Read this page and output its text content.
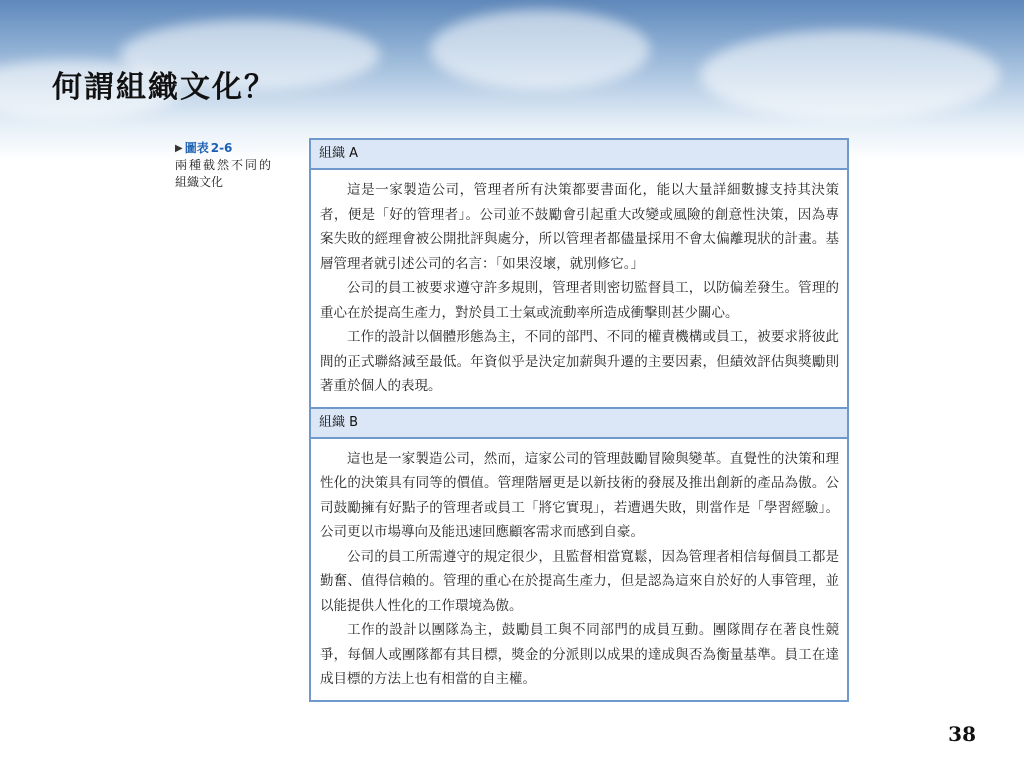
何謂組織文化？
▶ 圖表 2-6
兩種截然不同的
組織文化
組織 A

這是一家製造公司，管理者所有決策都要書面化，能以大量詳細數據支持其決策者，便是「好的管理者」。公司並不鼓勵會引起重大改變或風險的創意性決策，因為專案失敗的經理會被公開批評與處分，所以管理者都儘量採用不會太偏離現狀的計畫。基層管理者就引述公司的名言：「如果沒壞，就別修它。」

公司的員工被要求遵守許多規則，管理者則密切監督員工，以防偏差發生。管理的重心在於提高生產力，對於員工士氣或流動率所造成衝擊則甚少關心。

工作的設計以個體形態為主，不同的部門、不同的權責機構或員工，被要求將彼此間的正式聯絡減至最低。年資似乎是決定加薪與升遷的主要因素，但績效評估與獎勵則著重於個人的表現。

組織 B

這也是一家製造公司，然而，這家公司的管理鼓勵冒險與變革。直覺性的決策和理性化的決策具有同等的價值。管理階層更是以新技術的發展及推出創新的產品為傲。公司鼓勵擁有好點子的管理者或員工「將它實現」，若遭遇失敗，則當作是「學習經驗」。公司更以市場導向及能迅速回應顧客需求而感到自豪。

公司的員工所需遵守的規定很少，且監督相當寬鬆，因為管理者相信每個員工都是勤奮、值得信賴的。管理的重心在於提高生產力，但是認為這來自於好的人事管理，並以能提供人性化的工作環境為傲。

工作的設計以團隊為主，鼓勵員工與不同部門的成員互動。團隊間存在著良性競爭，每個人或團隊都有其目標，獎金的分派則以成果的達成與否為衡量基準。員工在達成目標的方法上也有相當的自主權。

38
